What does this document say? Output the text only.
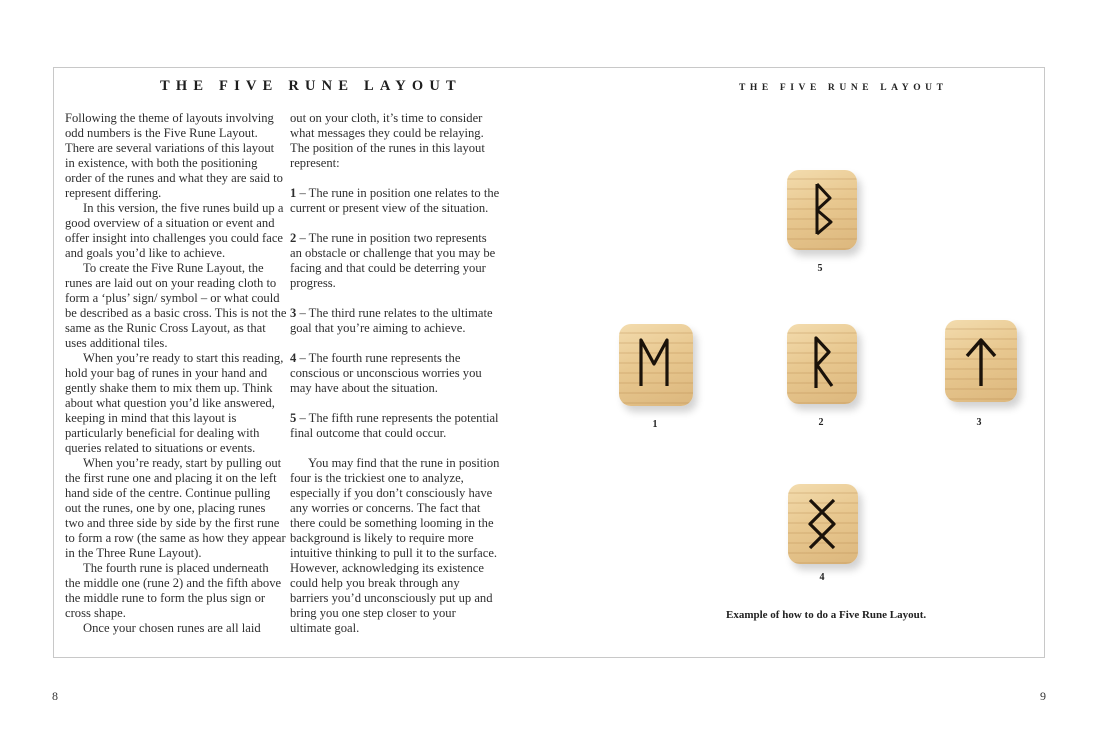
THE FIVE RUNE LAYOUT

Following the theme of layouts involving odd numbers is the Five Rune Layout. There are several variations of this layout in existence, with both the positioning order of the runes and what they are said to represent differing.

In this version, the five runes build up a good overview of a situation or event and offer insight into challenges you could face and goals you’d like to achieve.

To create the Five Rune Layout, the runes are laid out on your reading cloth to form a ‘plus’ sign/ symbol – or what could be described as a basic cross. This is not the same as the Runic Cross Layout, as that uses additional tiles.

When you’re ready to start this reading, hold your bag of runes in your hand and gently shake them to mix them up. Think about what question you’d like answered, keeping in mind that this layout is particularly beneficial for dealing with queries related to situations or events.

When you’re ready, start by pulling out the first rune one and placing it on the left hand side of the centre. Continue pulling out the runes, one by one, placing runes two and three side by side by the first rune to form a row (the same as how they appear in the Three Rune Layout).

The fourth rune is placed underneath the middle one (rune 2) and the fifth above the middle rune to form the plus sign or cross shape.

Once your chosen runes are all laid

out on your cloth, it’s time to consider what messages they could be relaying. The position of the runes in this layout represent:

1 – The rune in position one relates to the current or present view of the situation.

2 – The rune in position two represents an obstacle or challenge that you may be facing and that could be deterring your progress.

3 – The third rune relates to the ultimate goal that you’re aiming to achieve.

4 – The fourth rune represents the conscious or unconscious worries you may have about the situation.

5 – The fifth rune represents the potential final outcome that could occur.

You may find that the rune in position four is the trickiest one to analyze, especially if you don’t consciously have any worries or concerns. The fact that there could be something looming in the background is likely to require more intuitive thinking to pull it to the surface. However, acknowledging its existence could help you break through any barriers you’d unconsciously put up and bring you one step closer to your ultimate goal.

THE FIVE RUNE LAYOUT
5
1	2	3
4
Example of how to do a Five Rune Layout.
8	9
